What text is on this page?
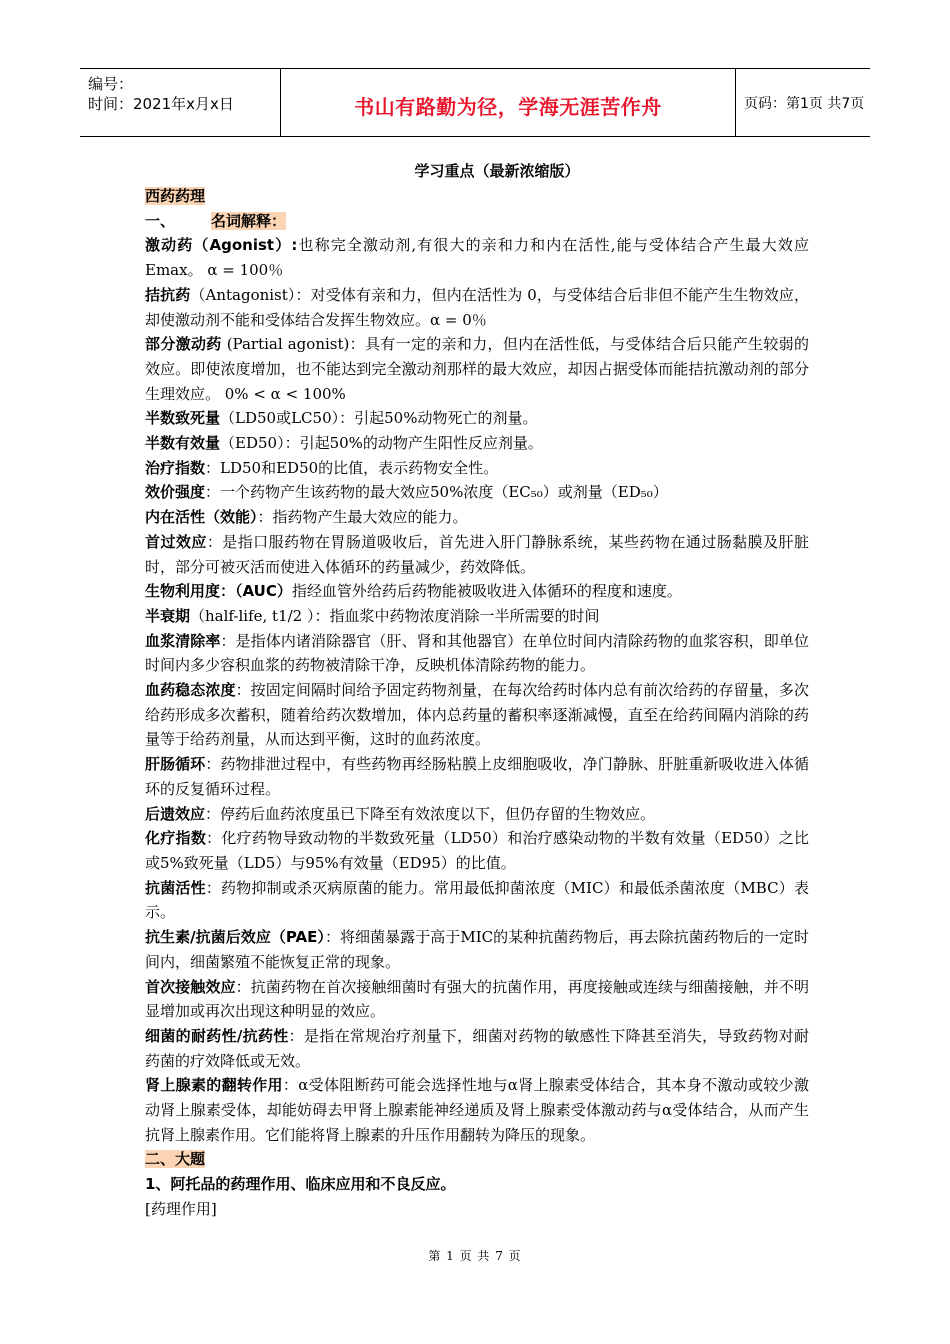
编号：
时间：2021年x月x日	书山有路勤为径，学海无涯苦作舟	页码：第1页 共7页
学习重点（最新浓缩版）

西药药理

一、 名词解释：

激动药（Agonist）:也称完全激动剂,有很大的亲和力和内在活性,能与受体结合产生最大效应 Emax。 α = 100％

拮抗药（Antagonist）：对受体有亲和力，但内在活性为 0，与受体结合后非但不能产生生物效应，却使激动剂不能和受体结合发挥生物效应。α = 0％

部分激动药 (Partial agonist)：具有一定的亲和力，但内在活性低，与受体结合后只能产生较弱的效应。即使浓度增加，也不能达到完全激动剂那样的最大效应，却因占据受体而能拮抗激动剂的部分生理效应。 0% < α < 100%

半数致死量（LD50或LC50）：引起50%动物死亡的剂量。

半数有效量（ED50）：引起50%的动物产生阳性反应剂量。

治疗指数：LD50和ED50的比值，表示药物安全性。

效价强度：一个药物产生该药物的最大效应50%浓度（EC₅₀）或剂量（ED₅₀）

内在活性（效能）：指药物产生最大效应的能力。

首过效应：是指口服药物在胃肠道吸收后，首先进入肝门静脉系统，某些药物在通过肠黏膜及肝脏时，部分可被灭活而使进入体循环的药量减少，药效降低。

生物利用度：（AUC）指经血管外给药后药物能被吸收进入体循环的程度和速度。

半衰期（half-life, t1/2 ）：指血浆中药物浓度消除一半所需要的时间

血浆清除率：是指体内诸消除器官（肝、肾和其他器官）在单位时间内清除药物的血浆容积，即单位时间内多少容积血浆的药物被清除干净，反映机体清除药物的能力。

血药稳态浓度：按固定间隔时间给予固定药物剂量，在每次给药时体内总有前次给药的存留量，多次给药形成多次蓄积，随着给药次数增加，体内总药量的蓄积率逐渐减慢，直至在给药间隔内消除的药量等于给药剂量，从而达到平衡，这时的血药浓度。

肝肠循环：药物排泄过程中，有些药物再经肠粘膜上皮细胞吸收，净门静脉、肝脏重新吸收进入体循环的反复循环过程。

后遗效应：停药后血药浓度虽已下降至有效浓度以下，但仍存留的生物效应。

化疗指数：化疗药物导致动物的半数致死量（LD50）和治疗感染动物的半数有效量（ED50）之比或5%致死量（LD5）与95%有效量（ED95）的比值。

抗菌活性：药物抑制或杀灭病原菌的能力。常用最低抑菌浓度（MIC）和最低杀菌浓度（MBC）表示。

抗生素/抗菌后效应（PAE）：将细菌暴露于高于MIC的某种抗菌药物后，再去除抗菌药物后的一定时间内，细菌繁殖不能恢复正常的现象。

首次接触效应：抗菌药物在首次接触细菌时有强大的抗菌作用，再度接触或连续与细菌接触，并不明显增加或再次出现这种明显的效应。

细菌的耐药性/抗药性：是指在常规治疗剂量下，细菌对药物的敏感性下降甚至消失，导致药物对耐药菌的疗效降低或无效。

肾上腺素的翻转作用：α受体阻断药可能会选择性地与α肾上腺素受体结合，其本身不激动或较少激动肾上腺素受体，却能妨碍去甲肾上腺素能神经递质及肾上腺素受体激动药与α受体结合，从而产生抗肾上腺素作用。它们能将肾上腺素的升压作用翻转为降压的现象。

二、大题

1、阿托品的药理作用、临床应用和不良反应。

[药理作用]

第 1 页 共 7 页
